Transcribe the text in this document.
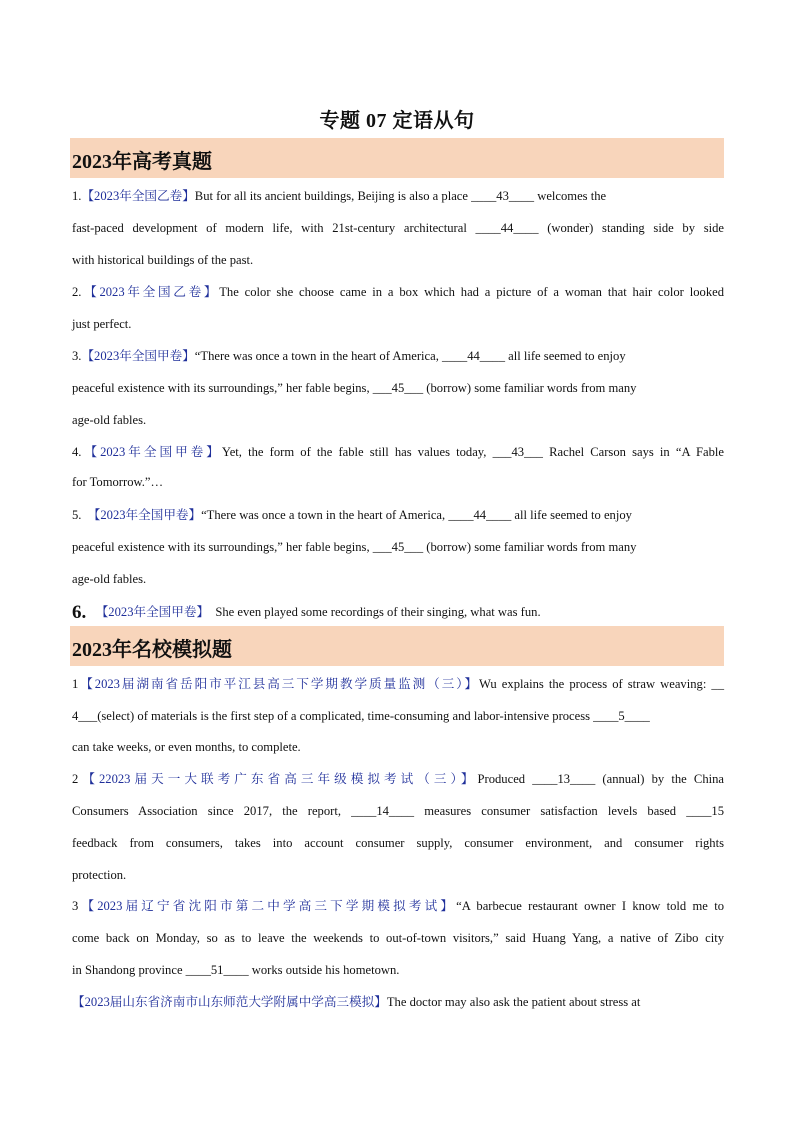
专题 07 定语从句
2023年高考真题
1.【2023年全国乙卷】But for all its ancient buildings, Beijing is also a place ____43____ welcomes the
fast-paced development of modern life, with 21st-century architectural ____44____ (wonder) standing side by side
with historical buildings of the past.
2.【2023年全国乙卷】The color she choose came in a box which had a picture of a woman that hair color looked
just perfect.
3.【2023年全国甲卷】“There was once a town in the heart of America, ____44____ all life seemed to enjoy
peaceful existence with its surroundings,” her fable begins, ___45___ (borrow) some familiar words from many
age-old fables.
4.【2023年全国甲卷】Yet, the form of the fable still has values today, ___43___ Rachel Carson says in “A Fable
for Tomorrow.”…
5. 【2023年全国甲卷】“There was once a town in the heart of America, ____44____ all life seemed to enjoy
peaceful existence with its surroundings,” her fable begins, ___45___ (borrow) some familiar words from many
age-old fables.
6. 【2023年全国甲卷】 She even played some recordings of their singing, what was fun.
2023年名校模拟题
1【2023届湖南省岳阳市平江县高三下学期教学质量监测（三）】Wu explains the process of straw weaving: __
4___(select) of materials is the first step of a complicated, time-consuming and labor-intensive process ____5____
can take weeks, or even months, to complete.
2【22023届天一大联考广东省高三年级模拟考试（三）】Produced ____13____ (annual) by the China
Consumers Association since 2017, the report, ____14____ measures consumer satisfaction levels based ____15
feedback from consumers, takes into account consumer supply, consumer environment, and consumer rights
protection.
3【2023届辽宁省沈阳市第二中学高三下学期模拟考试】“A barbecue restaurant owner I know told me to
come back on Monday, so as to leave the weekends to out-of-town visitors,” said Huang Yang, a native of Zibo city
in Shandong province ____51____ works outside his hometown.
【2023届山东省济南市山东师范大学附属中学高三模拟】The doctor may also ask the patient about stress at
